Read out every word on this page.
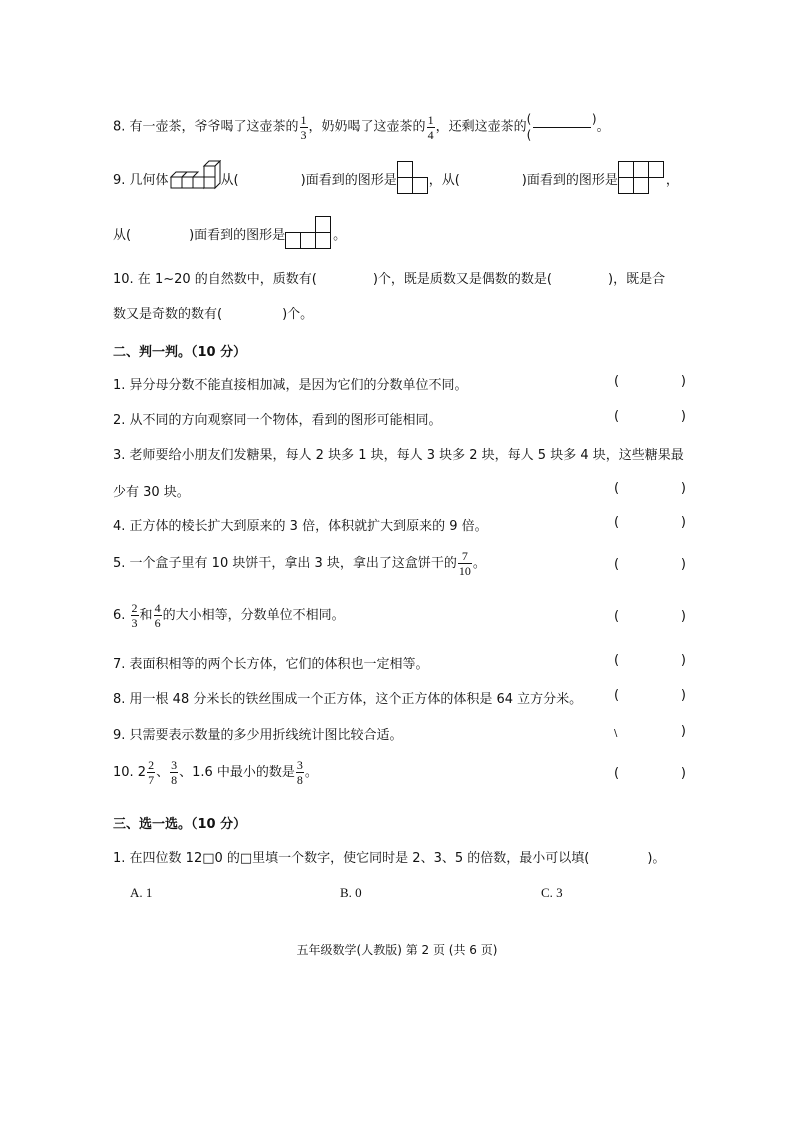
8. 有一壶茶，爷爷喝了这壶茶的 $\frac{1}{3}$ ，奶奶喝了这壶茶的 $\frac{1}{4}$ ，还剩这壶茶的
(	)
(
。
9. 几何体	从(	)面看到的图形是 ，从(	)面看到的图形是	，
从(	)面看到的图形是	。
10. 在 1~20 的自然数中，质数有(	)个，既是质数又是偶数的数是(	)，既是合
数又是奇数的数有(	)个。
二、判一判。（10 分）
1. 异分母分数不能直接相加减，是因为它们的分数单位不同。	(	)
2. 从不同的方向观察同一个物体，看到的图形可能相同。	(	)
3. 老师要给小朋友们发糖果，每人 2 块多 1 块，每人 3 块多 2 块，每人 5 块多 4 块，这些糖果最
少有 30 块。	(	)
4. 正方体的棱长扩大到原来的 3 倍，体积就扩大到原来的 9 倍。	(	)
5. 一个盒子里有 10 块饼干，拿出 3 块，拿出了这盒饼干的 $\frac{7}{10}$ 。	(	)
6. $\frac{2}{3}$ 和 $\frac{4}{6}$ 的大小相等，分数单位不相同。	(	)
7. 表面积相等的两个长方体，它们的体积也一定相等。	(	)
8. 用一根 48 分米长的铁丝围成一个正方体，这个正方体的体积是 64 立方分米。 (	)
9. 只需要表示数量的多少用折线统计图比较合适。	\	)
10. $2 \frac{2}{7}$ 、 $\frac{3}{8}$ 、1.6 中最小的数是 $\frac{3}{8}$ 。	(	)
三、选一选。（10 分）
1. 在四位数 12□0 的□里填一个数字，使它同时是 2、3、5 的倍数，最小可以填(	)。
A. 1	B. 0	C. 3
五年级数学(人教版) 第 2 页 (共 6 页)
